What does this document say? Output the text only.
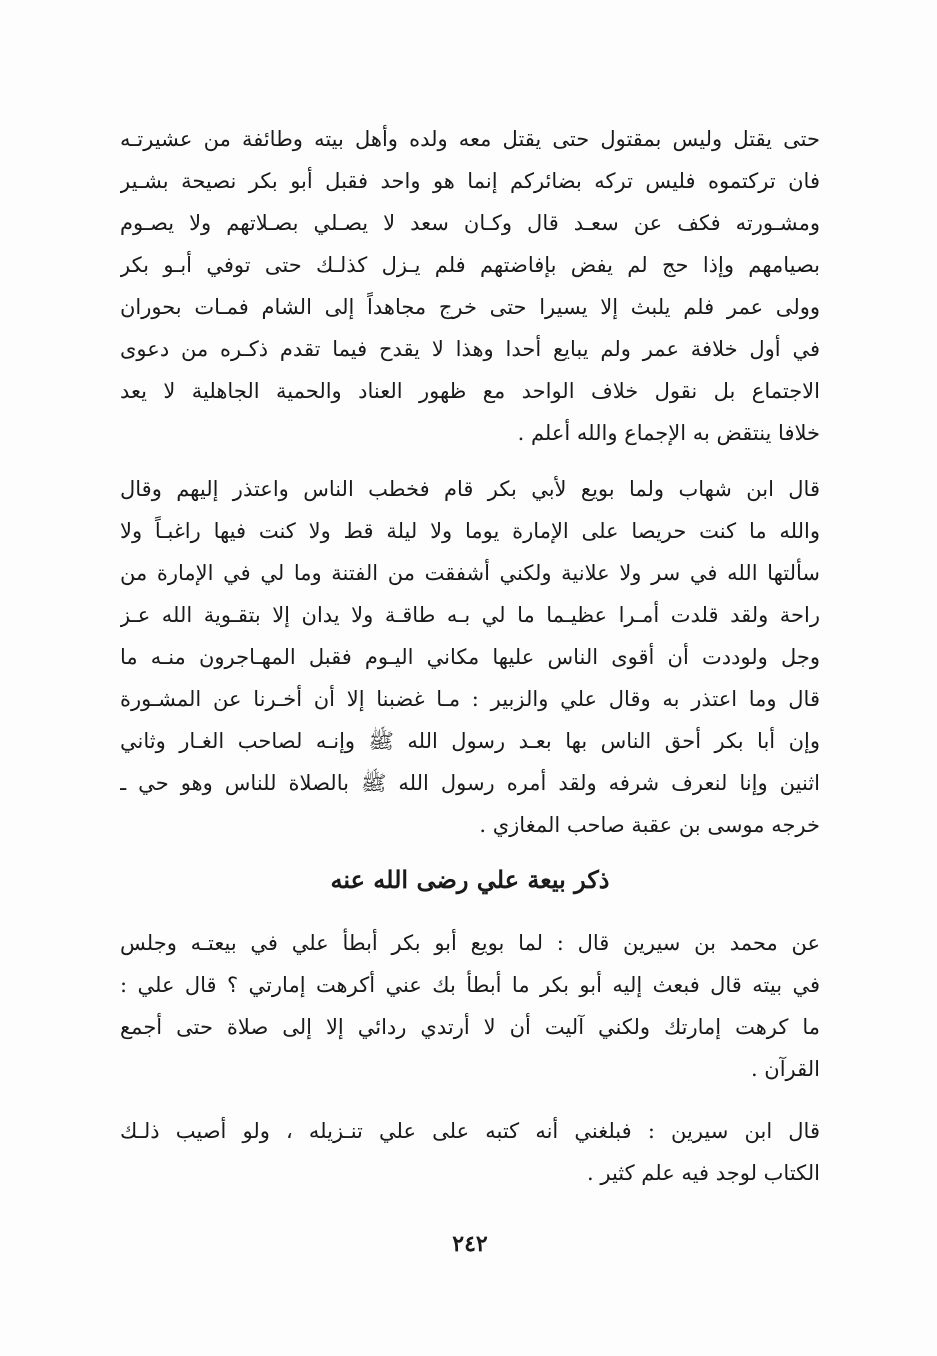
حتى يقتل وليس بمقتول حتى يقتل معه ولده وأهل بيته وطائفة من عشيرتـه
فان تركتموه فليس تركه بضائركم إنما هو واحد فقبل أبو بكر نصيحة بشـير
ومشـورته فكف عن سعـد قال وكـان سعد لا يصـلي بصـلاتهم ولا يصـوم
بصيامهم وإذا حج لم يفض بإفاضتهم فلم يـزل كذلـك حتى توفي أبـو بكر
وولى عمر فلم يلبث إلا يسيرا حتى خرج مجاهداً إلى الشام فمـات بحوران
في أول خلافة عمر ولم يبايع أحدا وهذا لا يقدح فيما تقدم ذكـره من دعوى
الاجتماع بل نقول خلاف الواحد مع ظهور العناد والحمية الجاهلية لا يعد
خلافا ينتقض به الإجماع والله أعلم .
قال ابن شهاب ولما بويع لأبي بكر قام فخطب الناس واعتذر إليهم وقال
والله ما كنت حريصا على الإمارة يوما ولا ليلة قط ولا كنت فيها راغبـاً ولا
سألتها الله في سر ولا علانية ولكني أشفقت من الفتنة وما لي في الإمارة من
راحة ولقد قلدت أمـرا عظيـما ما لي بـه طاقـة ولا يدان إلا بتقـوية الله عـز
وجل ولوددت أن أقوى الناس عليها مكاني اليـوم فقبل المهـاجرون منـه ما
قال وما اعتذر به وقال علي والزبير : مـا غضبنا إلا أن أخـرنا عن المشـورة
وإن أبا بكر أحق الناس بها بعـد رسول الله ﷺ وإنـه لصاحب الغـار وثاني
اثنين وإنا لنعرف شرفه ولقد أمره رسول الله ﷺ بالصلاة للناس وهو حي ـ
خرجه موسى بن عقبة صاحب المغازي .
ذكر بيعة علي رضى الله عنه
عن محمد بن سيرين قال : لما بويع أبو بكر أبطأ علي في بيعتـه وجلس
في بيته قال فبعث إليه أبو بكر ما أبطأ بك عني أكرهت إمارتي ؟ قال علي :
ما كرهت إمارتك ولكني آليت أن لا أرتدي ردائي إلا إلى صلاة حتى أجمع
القرآن .
قال ابن سيرين : فبلغني أنه كتبه على علي تنـزيله ، ولو أصيب ذلـك
الكتاب لوجد فيه علم كثير .
٢٤٢
